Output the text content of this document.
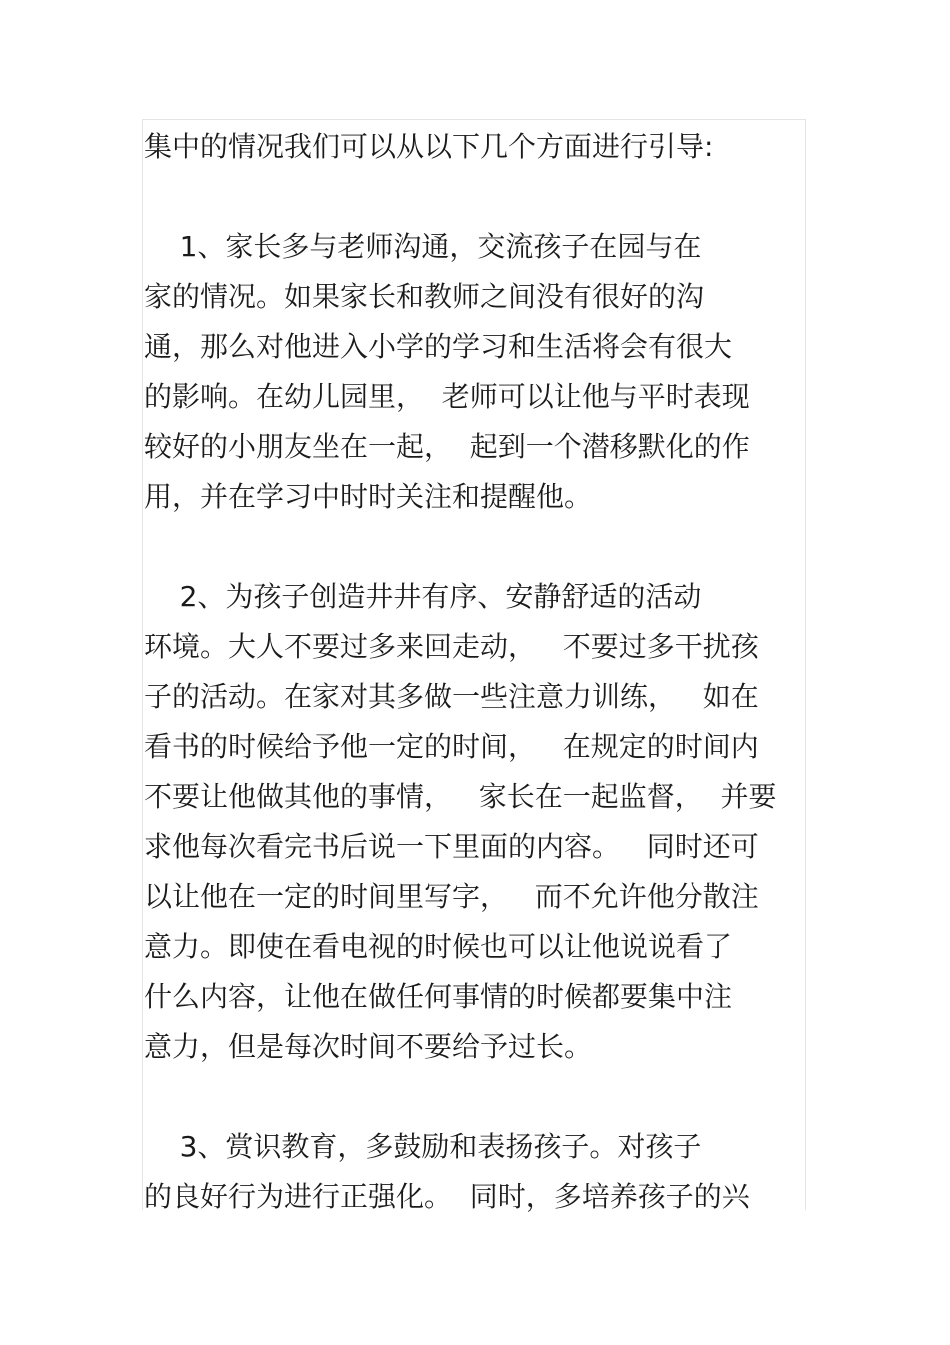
集中的情况我们可以从以下几个方面进行引导:
1、家长多与老师沟通，交流孩子在园与在
家的情况。如果家长和教师之间没有很好的沟
通，那么对他进入小学的学习和生活将会有很大
的影响。在幼儿园里，  老师可以让他与平时表现
较好的小朋友坐在一起，  起到一个潜移默化的作
用，并在学习中时时关注和提醒他。
2、为孩子创造井井有序、安静舒适的活动
环境。大人不要过多来回走动，   不要过多干扰孩
子的活动。在家对其多做一些注意力训练，   如在
看书的时候给予他一定的时间，   在规定的时间内
不要让他做其他的事情，   家长在一起监督，  并要
求他每次看完书后说一下里面的内容。   同时还可
以让他在一定的时间里写字，   而不允许他分散注
意力。即使在看电视的时候也可以让他说说看了
什么内容，让他在做任何事情的时候都要集中注
意力，但是每次时间不要给予过长。
3、赏识教育，多鼓励和表扬孩子。对孩子
的良好行为进行正强化。  同时，多培养孩子的兴
